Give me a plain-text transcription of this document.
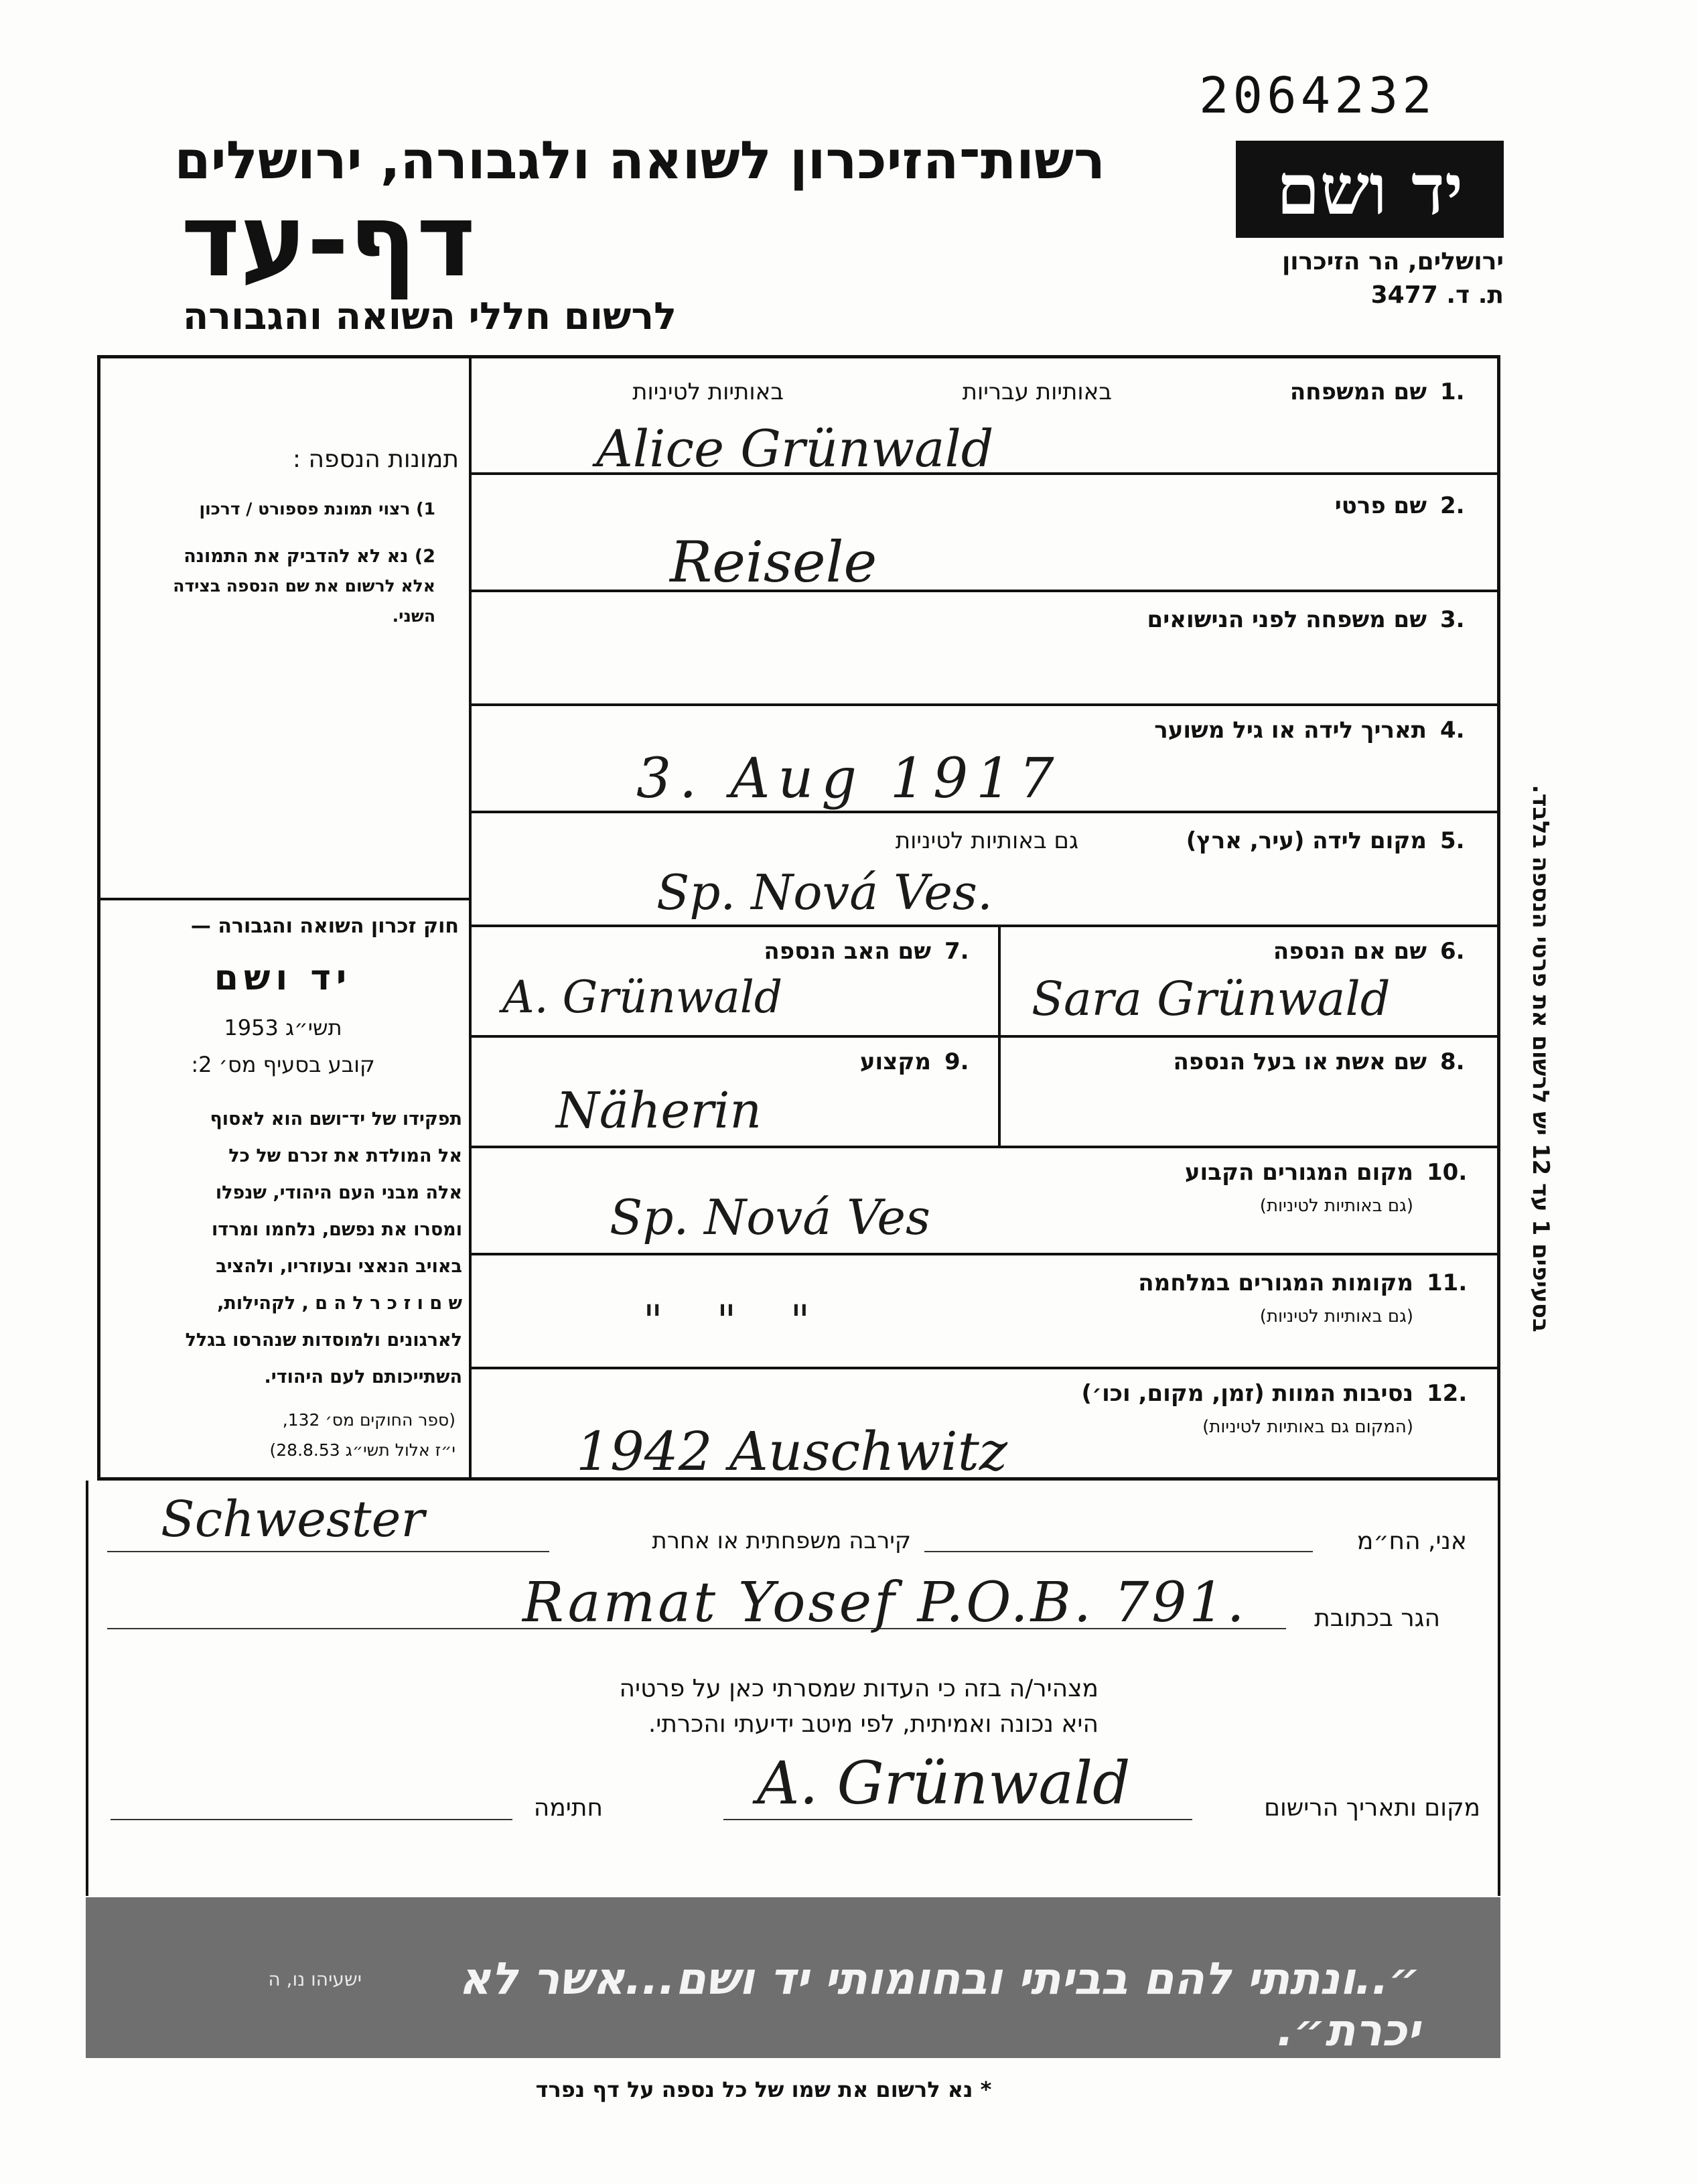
2064232
רשות־הזיכרון לשואה ולגבורה, ירושלים
דף-עד
לרשום חללי השואה והגבורה
יד ושם
ירושלים, הר הזיכרון
ת. ד. 3477
תמונות הנספה :
1) רצוי תמונת פספורט / דרכון
2) נא לא להדביק את התמונה
אלא לרשום את שם הנספה בצידה
השני.
חוק זכרון השואה והגבורה —
יד ושם
תשי״ג 1953
קובע בסעיף מס׳ 2:
תפקידו של יד־ושם הוא לאסוף
אל המולדת את זכרם של כל
אלה מבני העם היהודי, שנפלו
ומסרו את נפשם, נלחמו ומרדו
באויב הנאצי ובעוזריו, ולהציב
ש ם ו ז כ ר ל ה ם , לקהילות,
לארגונים ולמוסדות שנהרסו בגלל
השתייכותם לעם היהודי.
(ספר החוקים מס׳ 132,
י״ז אלול תשי״ג 28.8.53)
1.
שם המשפחה
באותיות עבריות
באותיות לטיניות
Alice Grünwald
2.
שם פרטי
Reisele
3.
שם משפחה לפני הנישואים
4.
תאריך לידה או גיל משוער
3. Aug 1917
5.
מקום לידה (עיר, ארץ)
גם באותיות לטיניות
Sp. Nová Ves.
6.
שם אם הנספה
Sara Grünwald
7.
שם האב הנספה
A. Grünwald
8.
שם אשת או בעל הנספה
9.
מקצוע
Näherin
10.
מקום המגורים הקבוע
(גם באותיות לטיניות)
Sp. Nová Ves
11.
מקומות המגורים במלחמה
(גם באותיות לטיניות)
" " "
12.
נסיבות המוות (זמן, מקום, וכו׳)
(המקום גם באותיות לטיניות)
1942 Auschwitz
בסעיפים 1 עד 12 יש לרשום את פרטי הנספה בלבד.
אני, הח״מ
קירבה משפחתית או אחרת
Schwester
הגר בכתובת
Ramat Yosef P.O.B. 791.
מצהיר/ה בזה כי העדות שמסרתי כאן על פרטיה
היא נכונה ואמיתית, לפי מיטב ידיעתי והכרתי.
מקום ותאריך הרישום
A. Grünwald
חתימה
״..ונתתי להם בביתי ובחומותי יד ושם...אשר לא יכרת״.
ישעיהו נו, ה
* נא לרשום את שמו של כל נספה על דף נפרד
